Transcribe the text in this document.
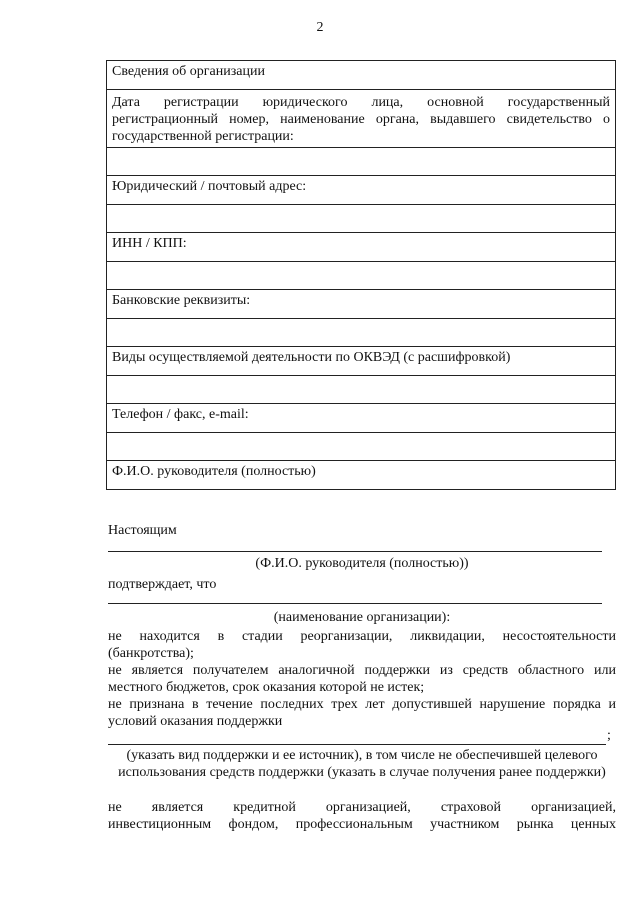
2
Сведения об организации
Дата регистрации юридического лица, основной государственный регистрационный номер, наименование органа, выдавшего свидетельство о государственной регистрации:

Юридический / почтовый адрес:

ИНН / КПП:

Банковские реквизиты:

Виды осуществляемой деятельности по ОКВЭД (с расшифровкой)

Телефон / факс, e-mail:

Ф.И.О. руководителя (полностью)
Настоящим
(Ф.И.О. руководителя (полностью))
подтверждает, что
(наименование организации):
не находится в стадии реорганизации, ликвидации, несостоятельности (банкротства);
не является получателем аналогичной поддержки из средств областного или местного бюджетов, срок оказания которой не истек;
не признана в течение последних трех лет допустившей нарушение порядка и условий оказания поддержки
;
(указать вид поддержки и ее источник), в том числе не обеспечившей целевого использования средств поддержки (указать в случае получения ранее поддержки)
не является кредитной организацией, страховой организацией,
инвестиционным фондом, профессиональным участником рынка ценных
